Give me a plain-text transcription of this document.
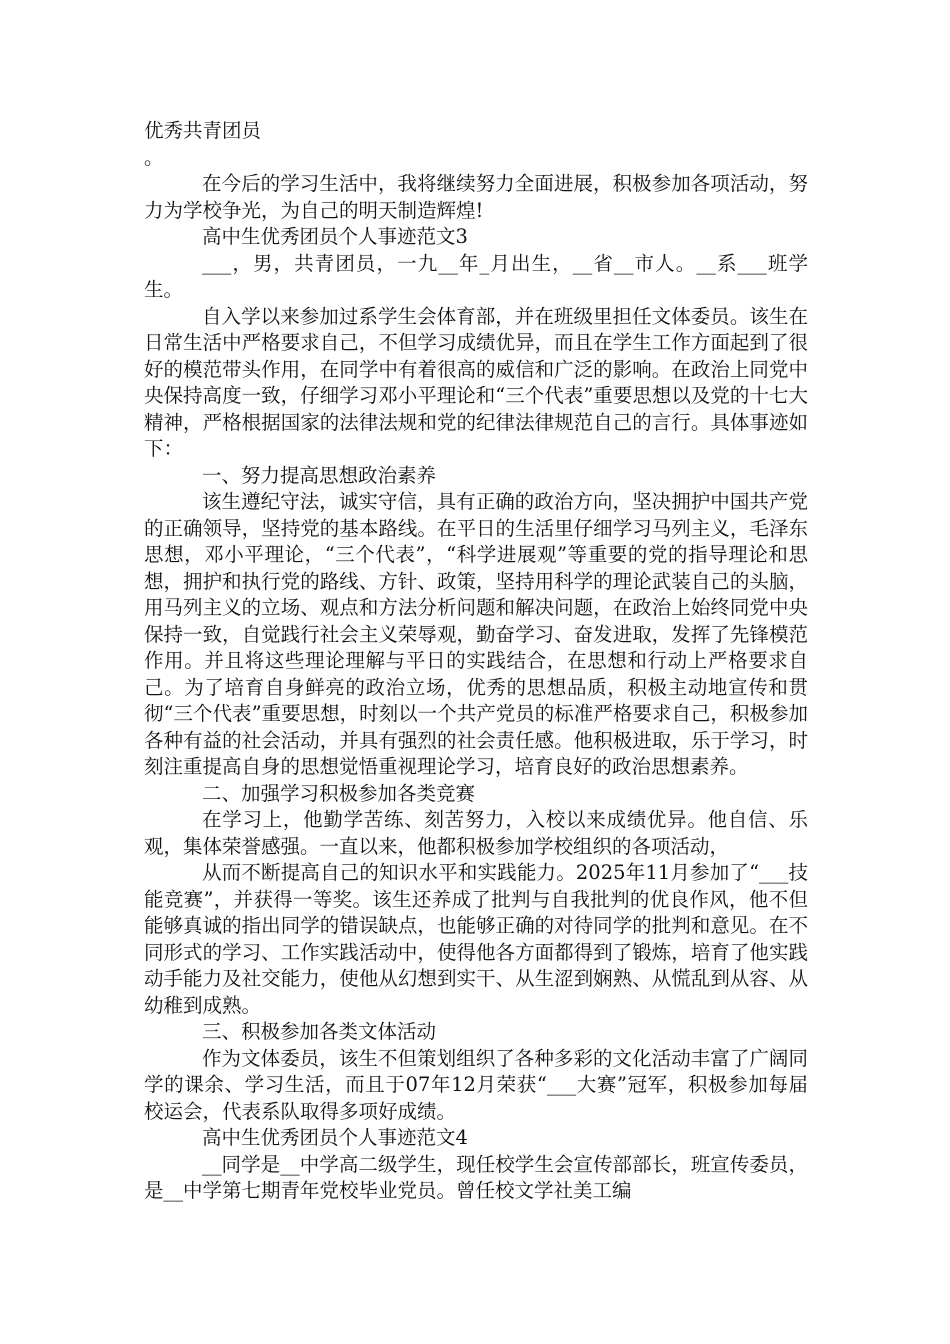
优秀共青团员

。

在今后的学习生活中，我将继续努力全面进展，积极参加各项活动，努力为学校争光，为自己的明天制造辉煌!

高中生优秀团员个人事迹范文3

___，男，共青团员，一九__年_月出生，__省__市人。__系___班学生。

自入学以来参加过系学生会体育部，并在班级里担任文体委员。该生在日常生活中严格要求自己，不但学习成绩优异，而且在学生工作方面起到了很好的模范带头作用，在同学中有着很高的威信和广泛的影响。在政治上同党中央保持高度一致，仔细学习邓小平理论和“三个代表”重要思想以及党的十七大精神，严格根据国家的法律法规和党的纪律法律规范自己的言行。具体事迹如下：

一、努力提高思想政治素养

该生遵纪守法，诚实守信，具有正确的政治方向，坚决拥护中国共产党的正确领导，坚持党的基本路线。在平日的生活里仔细学习马列主义，毛泽东思想，邓小平理论，“三个代表”，“科学进展观”等重要的党的指导理论和思想，拥护和执行党的路线、方针、政策，坚持用科学的理论武装自己的头脑，用马列主义的立场、观点和方法分析问题和解决问题，在政治上始终同党中央保持一致，自觉践行社会主义荣辱观，勤奋学习、奋发进取，发挥了先锋模范作用。并且将这些理论理解与平日的实践结合，在思想和行动上严格要求自己。为了培育自身鲜亮的政治立场，优秀的思想品质，积极主动地宣传和贯彻“三个代表”重要思想，时刻以一个共产党员的标准严格要求自己，积极参加各种有益的社会活动，并具有强烈的社会责任感。他积极进取，乐于学习，时刻注重提高自身的思想觉悟重视理论学习，培育良好的政治思想素养。

二、加强学习积极参加各类竞赛

在学习上，他勤学苦练、刻苦努力，入校以来成绩优异。他自信、乐观，集体荣誉感强。一直以来，他都积极参加学校组织的各项活动，

从而不断提高自己的知识水平和实践能力。2025年11月参加了“___技能竞赛”，并获得一等奖。该生还养成了批判与自我批判的优良作风，他不但能够真诚的指出同学的错误缺点，也能够正确的对待同学的批判和意见。在不同形式的学习、工作实践活动中，使得他各方面都得到了锻炼，培育了他实践动手能力及社交能力，使他从幻想到实干、从生涩到娴熟、从慌乱到从容、从幼稚到成熟。

三、积极参加各类文体活动

作为文体委员，该生不但策划组织了各种多彩的文化活动丰富了广阔同学的课余、学习生活，而且于07年12月荣获“___大赛”冠军，积极参加每届校运会，代表系队取得多项好成绩。

高中生优秀团员个人事迹范文4

__同学是__中学高二级学生，现任校学生会宣传部部长，班宣传委员，是__中学第七期青年党校毕业党员。曾任校文学社美工编
